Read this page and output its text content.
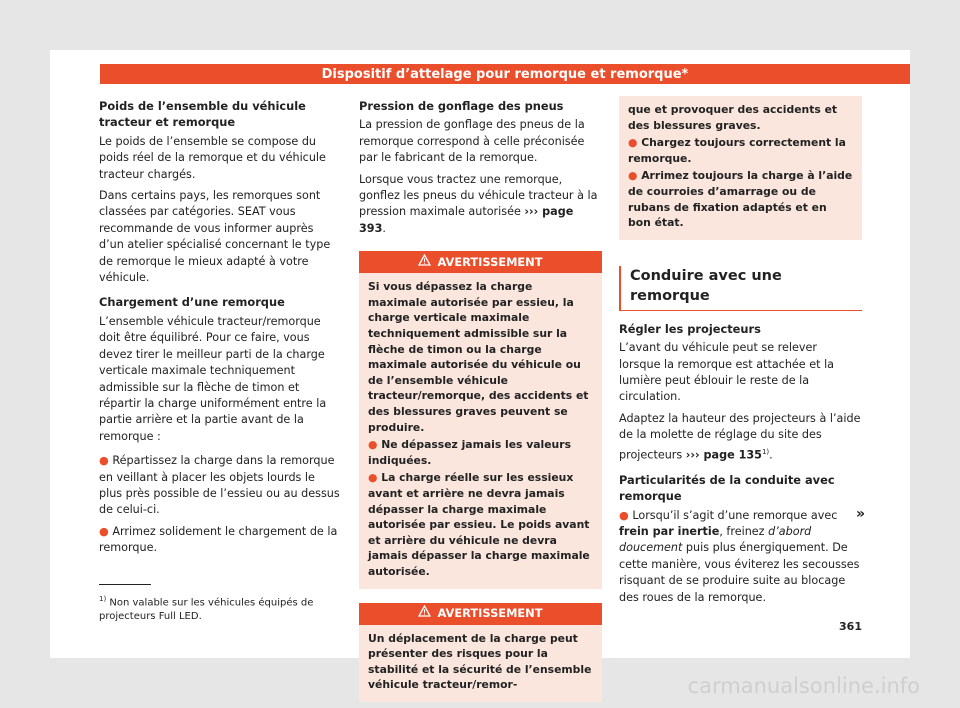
Dispositif d’attelage pour remorque et remorque*
Poids de l’ensemble du véhicule tracteur et remorque

Le poids de l’ensemble se compose du poids réel de la remorque et du véhicule tracteur chargés.

Dans certains pays, les remorques sont classées par catégories. SEAT vous recommande de vous informer auprès d’un atelier spécialisé concernant le type de remorque le mieux adapté à votre véhicule.

Chargement d’une remorque

L’ensemble véhicule tracteur/remorque doit être équilibré. Pour ce faire, vous devez tirer le meilleur parti de la charge verticale maximale techniquement admissible sur la flèche de timon et répartir la charge uniformément entre la partie arrière et la partie avant de la remorque :

● Répartissez la charge dans la remorque en veillant à placer les objets lourds le plus près possible de l’essieu ou au dessus de celui-ci.
● Arrimez solidement le chargement de la remorque.
Pression de gonflage des pneus

La pression de gonflage des pneus de la remorque correspond à celle préconisée par le fabricant de la remorque.

Lorsque vous tractez une remorque, gonflez les pneus du véhicule tracteur à la pression maximale autorisée ››› page 393.

AVERTISSEMENT

Si vous dépassez la charge maximale autorisée par essieu, la charge verticale maximale techniquement admissible sur la flèche de timon ou la charge maximale autorisée du véhicule ou de l’ensemble véhicule tracteur/remorque, des accidents et des blessures graves peuvent se produire.

● Ne dépassez jamais les valeurs indiquées.

● La charge réelle sur les essieux avant et arrière ne devra jamais dépasser la charge maximale autorisée par essieu. Le poids avant et arrière du véhicule ne devra jamais dépasser la charge maximale autorisée.

AVERTISSEMENT

Un déplacement de la charge peut présenter des risques pour la stabilité et la sécurité de l’ensemble véhicule tracteur/remor-

que et provoquer des accidents et des blessures graves.

● Chargez toujours correctement la remorque.

● Arrimez toujours la charge à l’aide de courroies d’amarrage ou de rubans de fixation adaptés et en bon état.

Conduire avec une remorque
Régler les projecteurs

L’avant du véhicule peut se relever lorsque la remorque est attachée et la lumière peut éblouir le reste de la circulation.

Adaptez la hauteur des projecteurs à l’aide de la molette de réglage du site des projecteurs ››› page 135$^{1)}$.

Particularités de la conduite avec remorque
● Lorsqu’il s’agit d’une remorque avec frein par inertie, freinez d’abord doucement puis plus énergiquement. De cette manière, vous éviterez les secousses risquant de se produire suite au blocage des roues de la remorque.
»
$^{1)}$ Non valable sur les véhicules équipés de projecteurs Full LED.
361
carmanualsonline.info
